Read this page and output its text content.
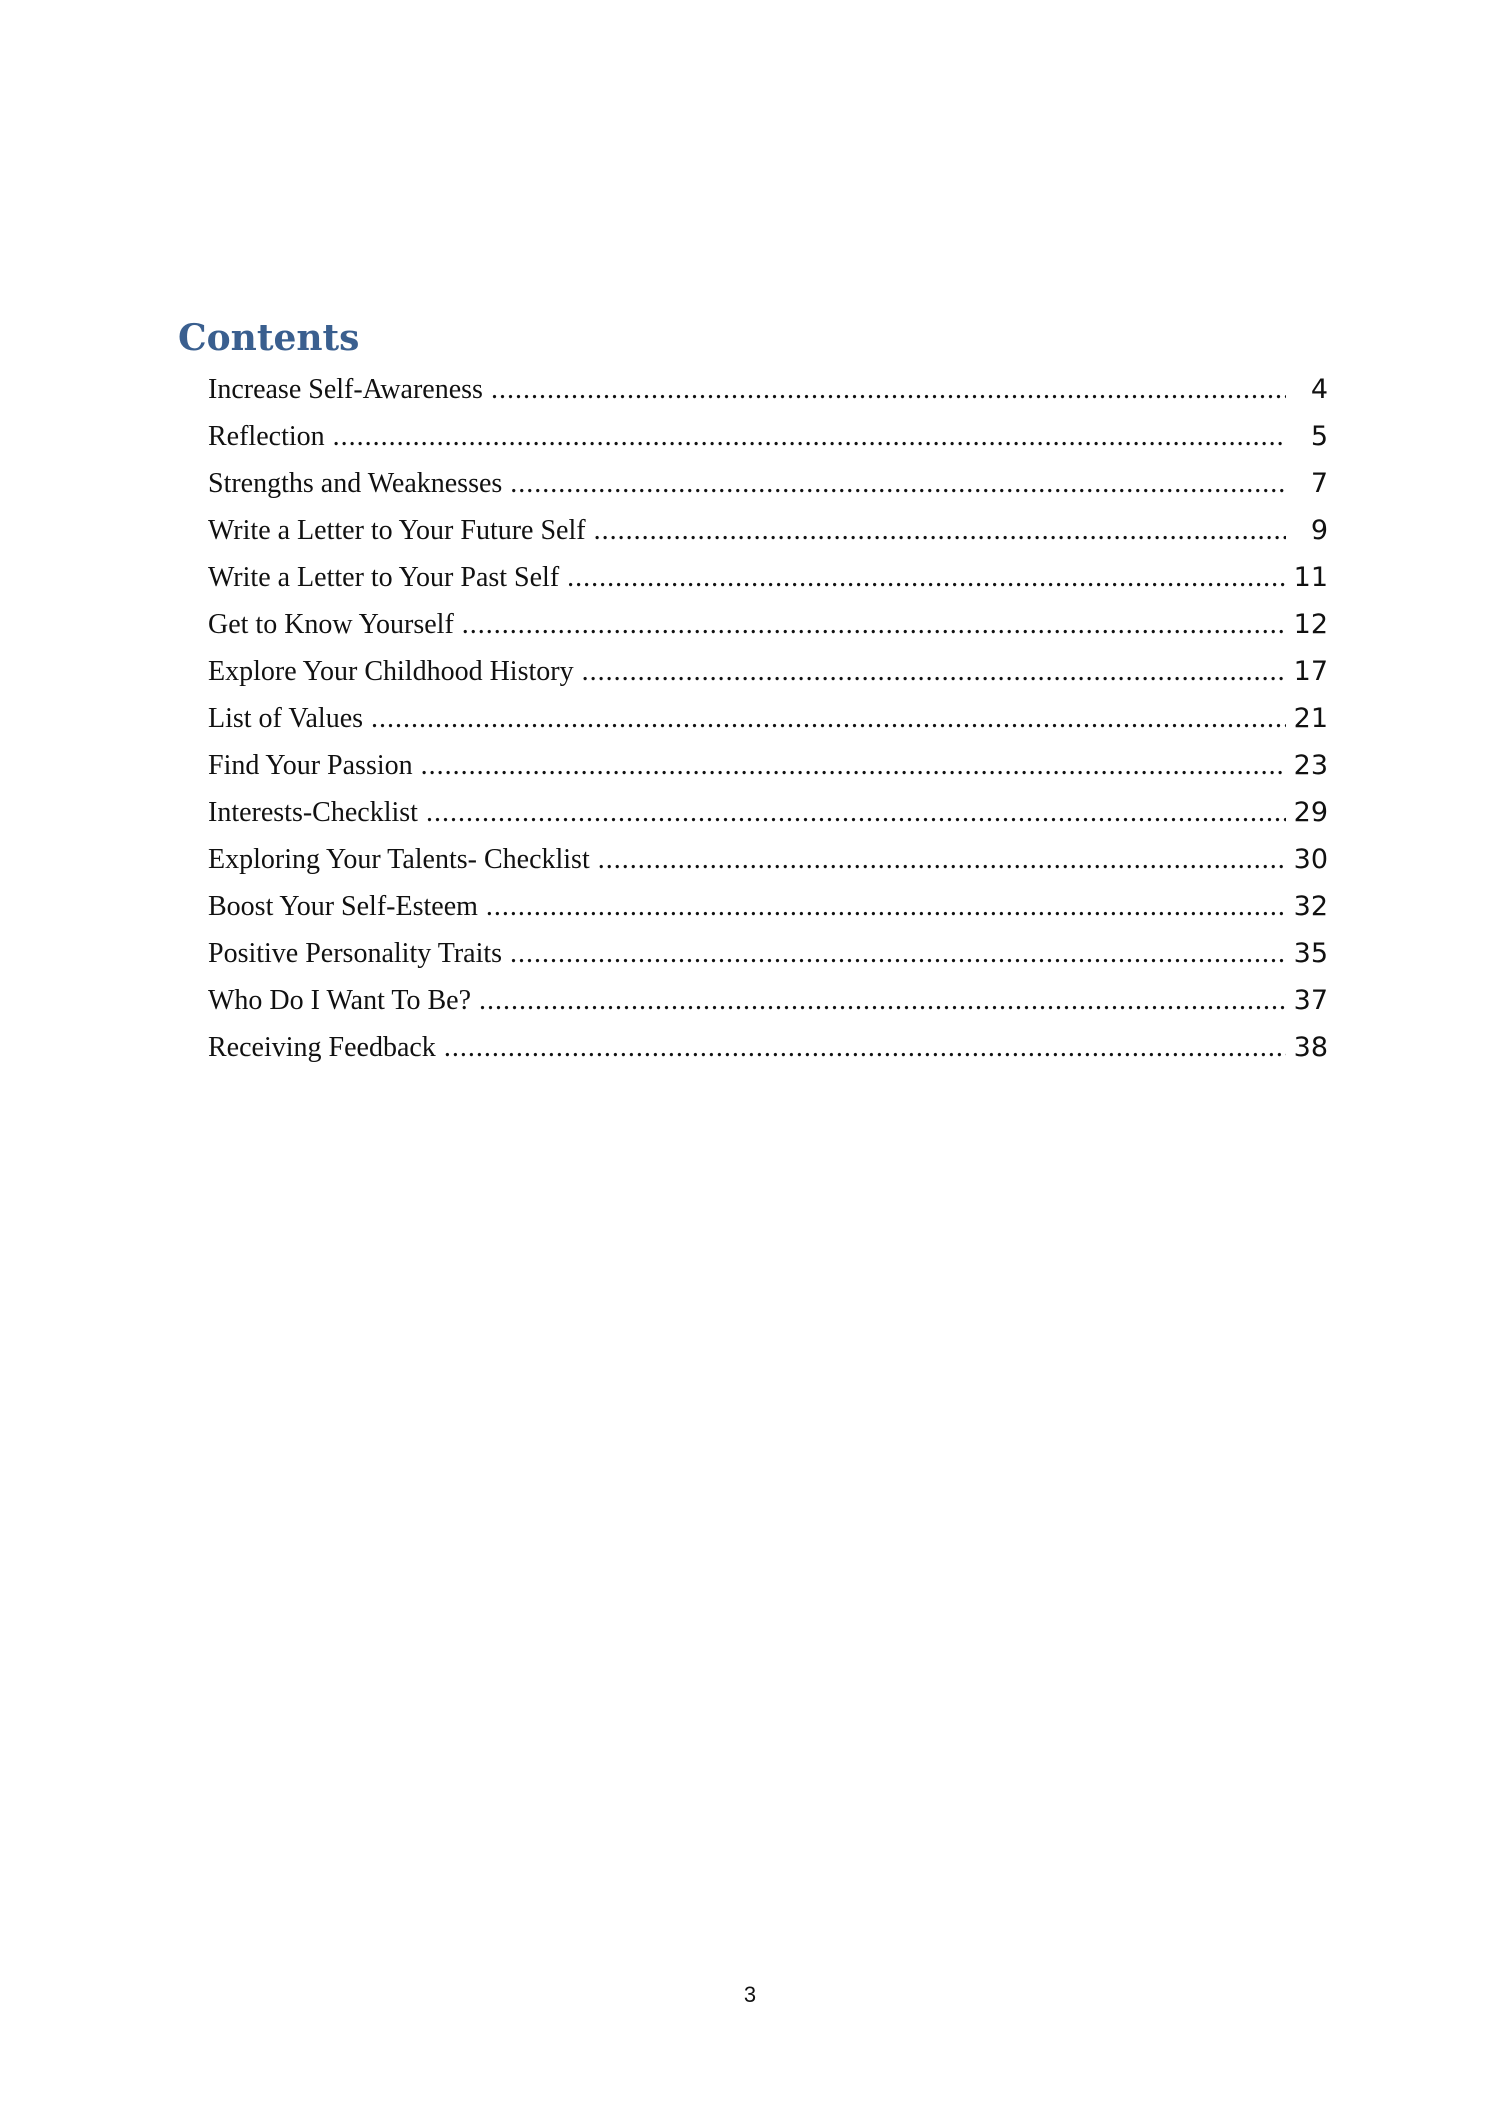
Contents
Increase Self-Awareness .....	4
Reflection .....	5
Strengths and Weaknesses .....	7
Write a Letter to Your Future Self .....	9
Write a Letter to Your Past Self .....	11
Get to Know Yourself .....	12
Explore Your Childhood History .....	17
List of Values .....	21
Find Your Passion .....	23
Interests-Checklist .....	29
Exploring Your Talents- Checklist .....	30
Boost Your Self-Esteem .....	32
Positive Personality Traits .....	35
Who Do I Want To Be? .....	37
Receiving Feedback .....	38
3
